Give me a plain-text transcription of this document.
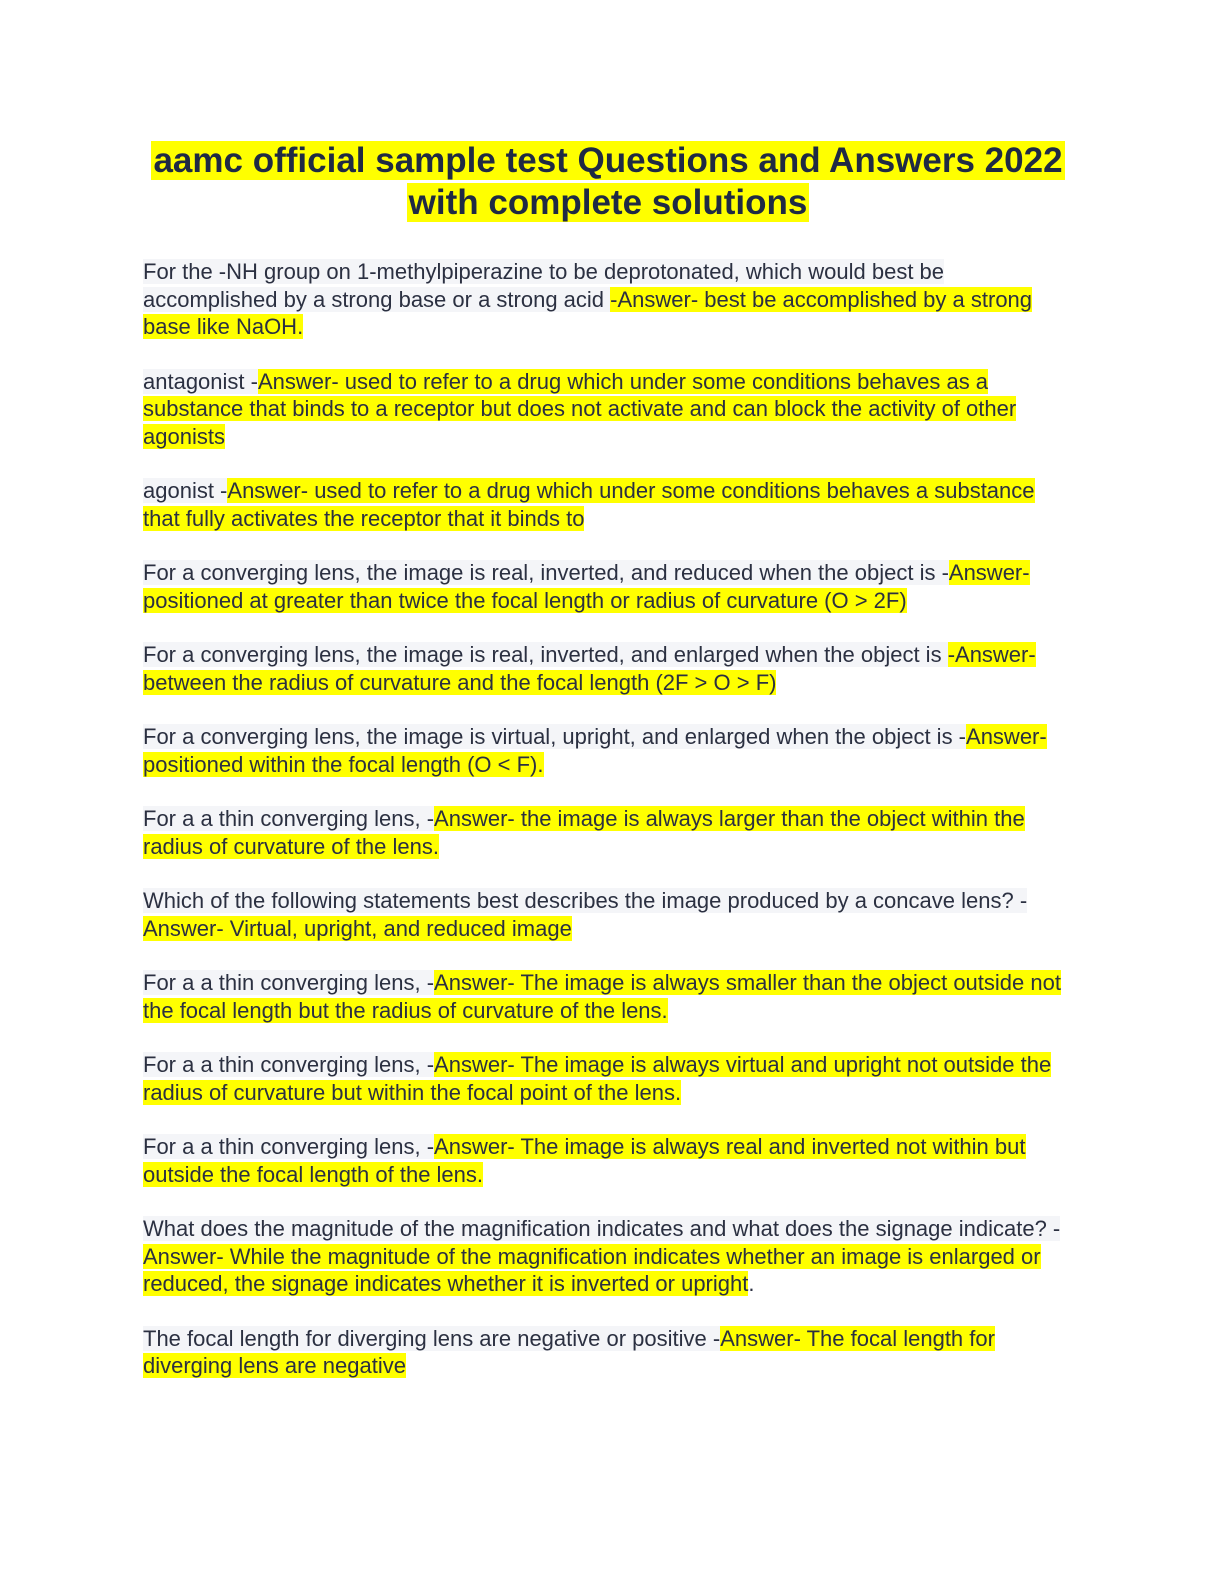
aamc official sample test Questions and Answers 2022
with complete solutions

For the -NH group on 1-methylpiperazine to be deprotonated, which would best be accomplished by a strong base or a strong acid -Answer- best be accomplished by a strong base like NaOH.

antagonist -Answer- used to refer to a drug which under some conditions behaves as a substance that binds to a receptor but does not activate and can block the activity of other agonists

agonist -Answer- used to refer to a drug which under some conditions behaves a substance that fully activates the receptor that it binds to

For a converging lens, the image is real, inverted, and reduced when the object is -Answer- positioned at greater than twice the focal length or radius of curvature (O > 2F)

For a converging lens, the image is real, inverted, and enlarged when the object is -Answer- between the radius of curvature and the focal length (2F > O > F)

For a converging lens, the image is virtual, upright, and enlarged when the object is -Answer- positioned within the focal length (O < F).

For a a thin converging lens, -Answer- the image is always larger than the object within the radius of curvature of the lens.

Which of the following statements best describes the image produced by a concave lens? -Answer- Virtual, upright, and reduced image

For a a thin converging lens, -Answer- The image is always smaller than the object outside not the focal length but the radius of curvature of the lens.

For a a thin converging lens, -Answer- The image is always virtual and upright not outside the radius of curvature but within the focal point of the lens.

For a a thin converging lens, -Answer- The image is always real and inverted not within but outside the focal length of the lens.

What does the magnitude of the magnification indicates and what does the signage indicate? -Answer- While the magnitude of the magnification indicates whether an image is enlarged or reduced, the signage indicates whether it is inverted or upright.

The focal length for diverging lens are negative or positive -Answer- The focal length for diverging lens are negative
